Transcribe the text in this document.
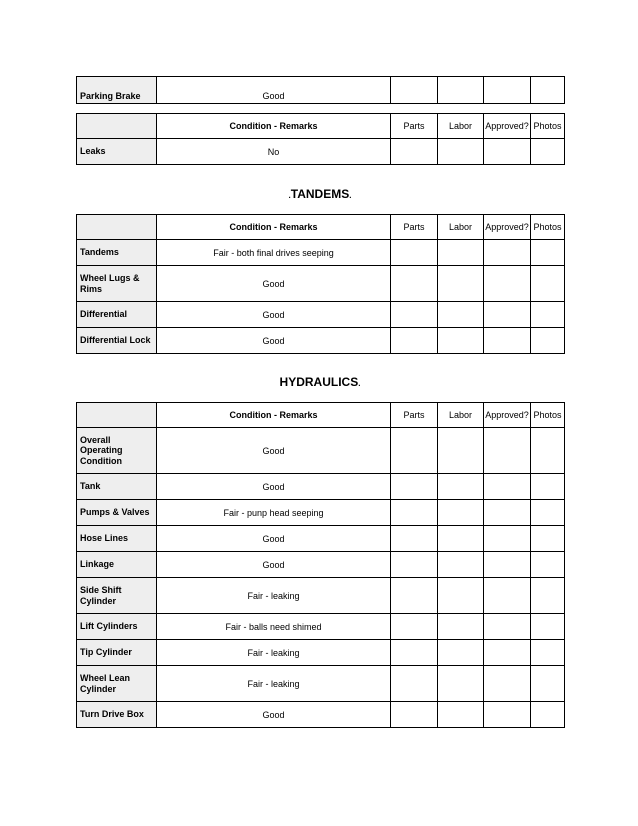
Parking Brake	Good				
	Condition - Remarks	Parts	Labor	Approved?	Photos
Leaks	No				
.TANDEMS.
	Condition - Remarks	Parts	Labor	Approved?	Photos
Tandems	Fair - both final drives seeping				
Wheel Lugs & Rims	Good				
Differential	Good				
Differential Lock	Good				
HYDRAULICS.
	Condition - Remarks	Parts	Labor	Approved?	Photos
Overall Operating Condition	Good				
Tank	Good				
Pumps & Valves	Fair - punp head seeping				
Hose Lines	Good				
Linkage	Good				
Side Shift Cylinder	Fair - leaking				
Lift Cylinders	Fair - balls need shimed				
Tip Cylinder	Fair - leaking				
Wheel Lean Cylinder	Fair - leaking				
Turn Drive Box	Good				
